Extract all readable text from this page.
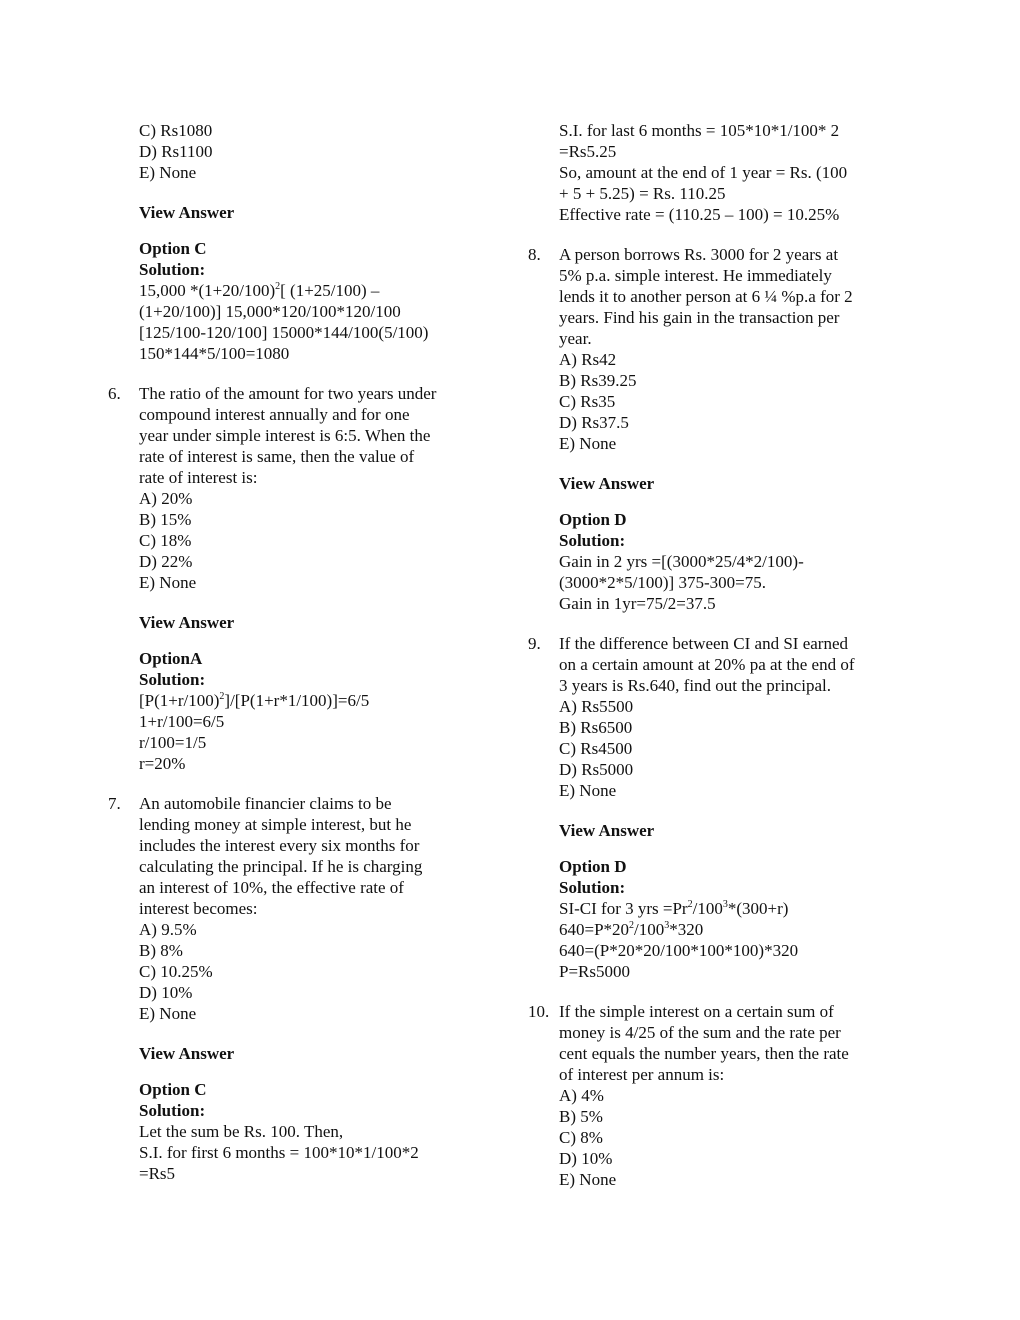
C) Rs1080
D) Rs1100
E) None
View Answer
Option C
Solution:
15,000 $*(1+20/100)^2$[ (1+25/100) –
(1+20/100)] 15,000*120/100*120/100
[125/100-120/100] 15000*144/100(5/100)
150*144*5/100=1080
6. The ratio of the amount for two years under
compound interest annually and for one
year under simple interest is 6:5. When the
rate of interest is same, then the value of
rate of interest is:
A) 20%
B) 15%
C) 18%
D) 22%
E) None
View Answer
OptionA
Solution:
$[P(1+r/100)^2]/[P(1+r*1/100)]=6/5$
1+r/100=6/5
r/100=1/5
r=20%
7. An automobile financier claims to be
lending money at simple interest, but he
includes the interest every six months for
calculating the principal. If he is charging
an interest of 10%, the effective rate of
interest becomes:
A) 9.5%
B) 8%
C) 10.25%
D) 10%
E) None
View Answer
Option C
Solution:
Let the sum be Rs. 100. Then,
S.I. for first 6 months = 100*10*1/100*2
=Rs5
S.I. for last 6 months = 105*10*1/100* 2
=Rs5.25
So, amount at the end of 1 year = Rs. (100
+ 5 + 5.25) = Rs. 110.25
Effective rate = (110.25 – 100) = 10.25%
8. A person borrows Rs. 3000 for 2 years at
5% p.a. simple interest. He immediately
lends it to another person at 6 ¼ %p.a for 2
years. Find his gain in the transaction per
year.
A) Rs42
B) Rs39.25
C) Rs35
D) Rs37.5
E) None
View Answer
Option D
Solution:
Gain in 2 yrs =[(3000*25/4*2/100)-
(3000*2*5/100)] 375-300=75.
Gain in 1yr=75/2=37.5
9. If the difference between CI and SI earned
on a certain amount at 20% pa at the end of
3 years is Rs.640, find out the principal.
A) Rs5500
B) Rs6500
C) Rs4500
D) Rs5000
E) None
View Answer
Option D
Solution:
SI-CI for 3 yrs $=Pr^2/100^3*(300+r)$
$640=P*20^2/100^3*320$
640=(P*20*20/100*100*100)*320
P=Rs5000
10. If the simple interest on a certain sum of
money is 4/25 of the sum and the rate per
cent equals the number years, then the rate
of interest per annum is:
A) 4%
B) 5%
C) 8%
D) 10%
E) None
